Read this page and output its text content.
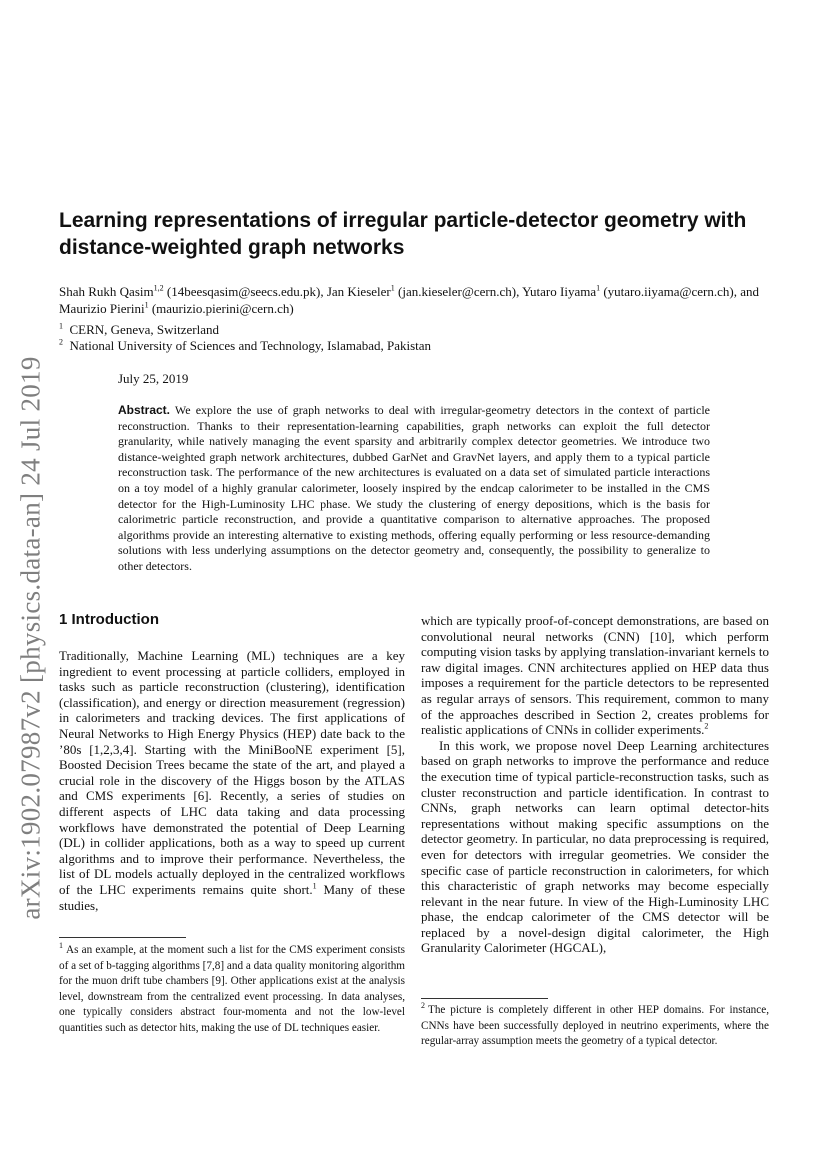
arXiv:1902.07987v2 [physics.data-an] 24 Jul 2019
Learning representations of irregular particle-detector geometry with distance-weighted graph networks
Shah Rukh Qasim$^{1,2}$ (14beesqasim@seecs.edu.pk), Jan Kieseler$^1$ (jan.kieseler@cern.ch), Yutaro Iiyama$^1$ (yutaro.iiyama@cern.ch), and Maurizio Pierini$^1$ (maurizio.pierini@cern.ch)
$^1$ CERN, Geneva, Switzerland
$^2$ National University of Sciences and Technology, Islamabad, Pakistan
July 25, 2019
Abstract. We explore the use of graph networks to deal with irregular-geometry detectors in the context of particle reconstruction. Thanks to their representation-learning capabilities, graph networks can exploit the full detector granularity, while natively managing the event sparsity and arbitrarily complex detector geometries. We introduce two distance-weighted graph network architectures, dubbed GarNet and GravNet layers, and apply them to a typical particle reconstruction task. The performance of the new architectures is evaluated on a data set of simulated particle interactions on a toy model of a highly granular calorimeter, loosely inspired by the endcap calorimeter to be installed in the CMS detector for the High-Luminosity LHC phase. We study the clustering of energy depositions, which is the basis for calorimetric particle reconstruction, and provide a quantitative comparison to alternative approaches. The proposed algorithms provide an interesting alternative to existing methods, offering equally performing or less resource-demanding solutions with less underlying assumptions on the detector geometry and, consequently, the possibility to generalize to other detectors.
1 Introduction

Traditionally, Machine Learning (ML) techniques are a key ingredient to event processing at particle colliders, employed in tasks such as particle reconstruction (clustering), identification (classification), and energy or direction measurement (regression) in calorimeters and tracking devices. The first applications of Neural Networks to High Energy Physics (HEP) date back to the ’80s [1,2,3,4]. Starting with the MiniBooNE experiment [5], Boosted Decision Trees became the state of the art, and played a crucial role in the discovery of the Higgs boson by the ATLAS and CMS experiments [6]. Recently, a series of studies on different aspects of LHC data taking and data processing workflows have demonstrated the potential of Deep Learning (DL) in collider applications, both as a way to speed up current algorithms and to improve their performance. Nevertheless, the list of DL models actually deployed in the centralized workflows of the LHC experiments remains quite short.$^1$ Many of these studies,

$^1$ As an example, at the moment such a list for the CMS experiment consists of a set of b-tagging algorithms [7,8] and a data quality monitoring algorithm for the muon drift tube chambers [9]. Other applications exist at the analysis level, downstream from the centralized event processing. In data analyses, one typically considers abstract four-momenta and not the low-level quantities such as detector hits, making the use of DL techniques easier.

which are typically proof-of-concept demonstrations, are based on convolutional neural networks (CNN) [10], which perform computing vision tasks by applying translation-invariant kernels to raw digital images. CNN architectures applied on HEP data thus imposes a requirement for the particle detectors to be represented as regular arrays of sensors. This requirement, common to many of the approaches described in Section 2, creates problems for realistic applications of CNNs in collider experiments.$^2$

In this work, we propose novel Deep Learning architectures based on graph networks to improve the performance and reduce the execution time of typical particle-reconstruction tasks, such as cluster reconstruction and particle identification. In contrast to CNNs, graph networks can learn optimal detector-hits representations without making specific assumptions on the detector geometry. In particular, no data preprocessing is required, even for detectors with irregular geometries. We consider the specific case of particle reconstruction in calorimeters, for which this characteristic of graph networks may become especially relevant in the near future. In view of the High-Luminosity LHC phase, the endcap calorimeter of the CMS detector will be replaced by a novel-design digital calorimeter, the High Granularity Calorimeter (HGCAL),

$^2$ The picture is completely different in other HEP domains. For instance, CNNs have been successfully deployed in neutrino experiments, where the regular-array assumption meets the geometry of a typical detector.
